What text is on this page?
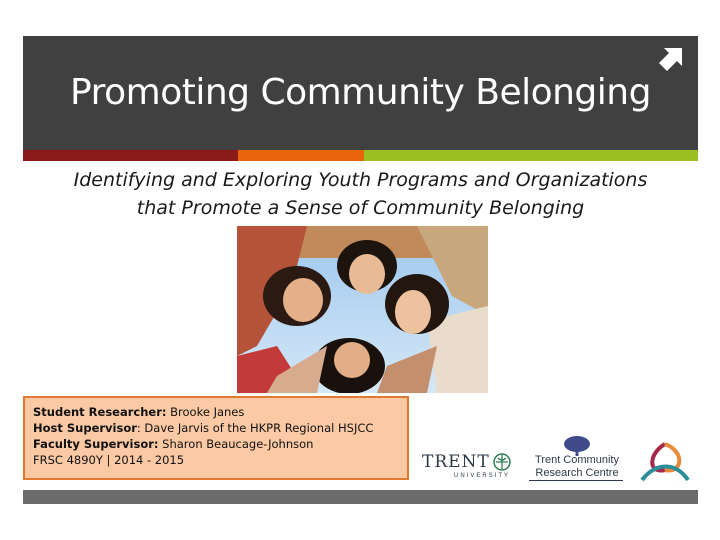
Promoting Community Belonging
Identifying and Exploring Youth Programs and Organizations
that Promote a Sense of Community Belonging
Student Researcher: Brooke Janes
Host Supervisor: Dave Jarvis of the HKPR Regional HSJCC
Faculty Supervisor: Sharon Beaucage-Johnson
FRSC 4890Y | 2014 - 2015	TRENT
UNIVERSITY
Trent Community
Research Centre
